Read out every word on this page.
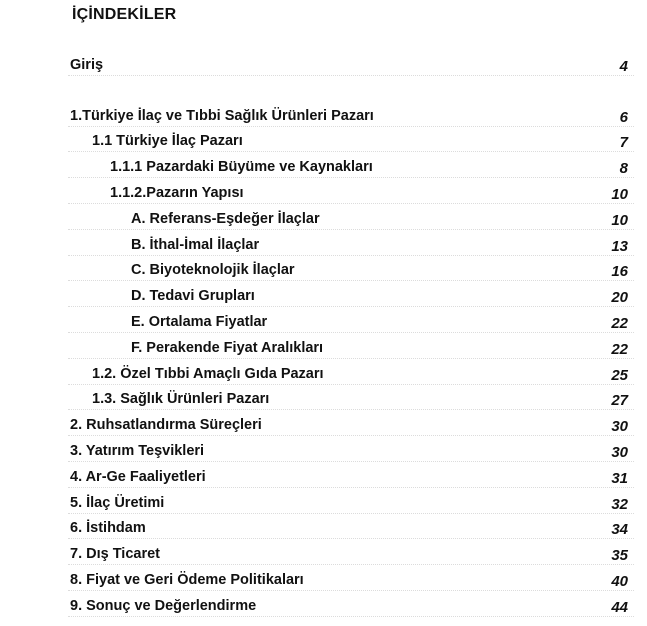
İÇİNDEKİLER
Giriş	4
1.Türkiye İlaç ve Tıbbi Sağlık Ürünleri Pazarı	6
1.1 Türkiye İlaç Pazarı	7
1.1.1 Pazardaki Büyüme ve Kaynakları	8
1.1.2.Pazarın Yapısı	10
A. Referans-Eşdeğer İlaçlar	10
B. İthal-İmal İlaçlar	13
C. Biyoteknolojik İlaçlar	16
D. Tedavi Grupları	20
E. Ortalama Fiyatlar	22
F. Perakende Fiyat Aralıkları	22
1.2. Özel Tıbbi Amaçlı Gıda Pazarı	25
1.3. Sağlık Ürünleri Pazarı	27
2. Ruhsatlandırma Süreçleri	30
3. Yatırım Teşvikleri	30
4. Ar-Ge Faaliyetleri	31
5. İlaç Üretimi	32
6. İstihdam	34
7. Dış Ticaret	35
8. Fiyat ve Geri Ödeme Politikaları	40
9. Sonuç ve Değerlendirme	44
